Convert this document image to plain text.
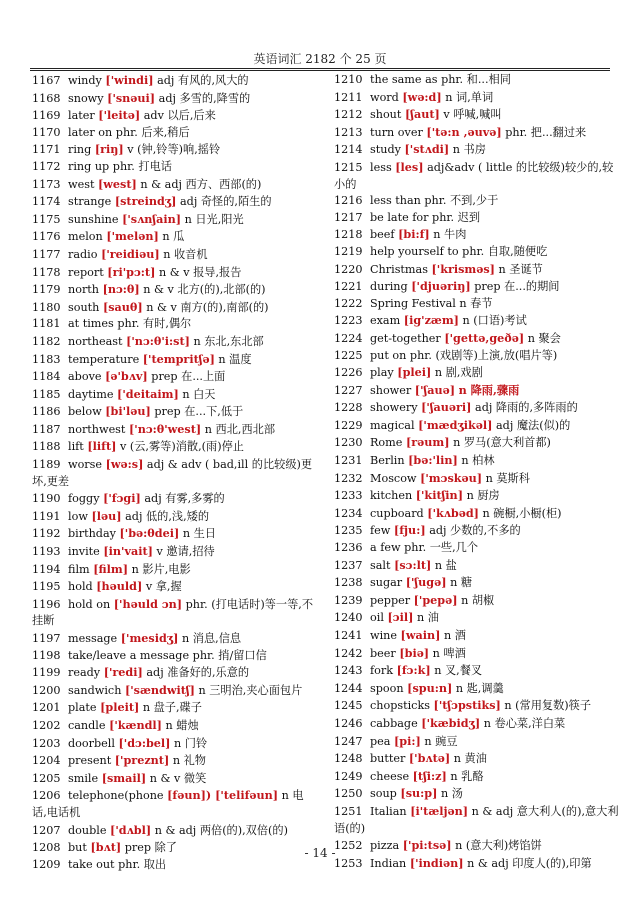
英语词汇 2182 个 25 页
1167 windy ['windi] adj 有风的,风大的
1168 snowy ['snəui] adj 多雪的,降雪的
1169 later ['leitə] adv 以后,后来
1170 later on phr. 后来,稍后
1171 ring [riŋ] v (钟,铃等)响,摇铃
1172 ring up phr. 打电话
1173 west [west] n & adj 西方、西部(的)
1174 strange [streindʒ] adj 奇怪的,陌生的
1175 sunshine ['sʌnʃain] n 日光,阳光
1176 melon ['melən] n 瓜
1177 radio ['reidiəu] n 收音机
1178 report [ri'pɔ:t] n & v 报导,报告
1179 north [nɔ:θ] n & v 北方(的),北部(的)
1180 south [sauθ] n & v 南方(的),南部(的)
1181 at times phr. 有时,偶尔
1182 northeast ['nɔ:θ'i:st] n 东北,东北部
1183 temperature ['tempritʃə] n 温度
1184 above [ə'bʌv] prep 在...上面
1185 daytime ['deitaim] n 白天
1186 below [bi'ləu] prep 在...下,低于
1187 northwest ['nɔ:θ'west] n 西北,西北部
1188 lift [lift] v (云,雾等)消散,(雨)停止
1189 worse [wə:s] adj & adv ( bad,ill 的比较级)更坏,更差
1190 foggy ['fɔgi] adj 有雾,多雾的
1191 low [ləu] adj 低的,浅,矮的
1192 birthday ['bə:θdei] n 生日
1193 invite [in'vait] v 邀请,招待
1194 film [film] n 影片,电影
1195 hold [həuld] v 拿,握
1196 hold on ['həuld ɔn] phr. (打电话时)等一等,不挂断
1197 message ['mesidʒ] n 消息,信息
1198 take/leave a message phr. 捎/留口信
1199 ready ['redi] adj 准备好的,乐意的
1200 sandwich ['sændwitʃ] n 三明治,夹心面包片
1201 plate [pleit] n 盘子,碟子
1202 candle ['kændl] n 蜡烛
1203 doorbell ['dɔ:bel] n 门铃
1204 present ['preznt] n 礼物
1205 smile [smail] n & v 微笑
1206 telephone(phone [fəun]) ['telifəun] n 电话,电话机
1207 double ['dʌbl] n & adj 两倍(的),双倍(的)
1208 but [bʌt] prep 除了
1209 take out phr. 取出
1210 the same as phr. 和...相同
1211 word [wə:d] n 词,单词
1212 shout [ʃaut] v 呼喊,喊叫
1213 turn over ['tə:n ,əuvə] phr. 把...翻过来
1214 study ['stʌdi] n 书房
1215 less [les] adj&adv ( little 的比较级)较少的,较小的
1216 less than phr. 不到,少于
1217 be late for phr. 迟到
1218 beef [bi:f] n 牛肉
1219 help yourself to phr. 自取,随便吃
1220 Christmas ['krisməs] n 圣诞节
1221 during ['djuəriŋ] prep 在...的期间
1222 Spring Festival n 春节
1223 exam [ig'zæm] n (口语)考试
1224 get-together ['gettə,geðə] n 聚会
1225 put on phr. (戏剧等)上演,放(唱片等)
1226 play [plei] n 剧,戏剧
1227 shower ['ʃauə] n 降雨,骤雨
1228 showery ['ʃauəri] adj 降雨的,多阵雨的
1229 magical ['mædʒikəl] adj 魔法(似)的
1230 Rome [rəum] n 罗马(意大利首都)
1231 Berlin [bə:'lin] n 柏林
1232 Moscow ['mɔskəu] n 莫斯科
1233 kitchen ['kitʃin] n 厨房
1234 cupboard ['kʌbəd] n 碗橱,小橱(柜)
1235 few [fju:] adj 少数的,不多的
1236 a few phr. 一些,几个
1237 salt [sɔ:lt] n 盐
1238 sugar ['ʃugə] n 糖
1239 pepper ['pepə] n 胡椒
1240 oil [ɔil] n 油
1241 wine [wain] n 酒
1242 beer [biə] n 啤酒
1243 fork [fɔ:k] n 叉,餐叉
1244 spoon [spu:n] n 匙,调羹
1245 chopsticks ['tʃɔpstiks] n (常用复数)筷子
1246 cabbage ['kæbidʒ] n 卷心菜,洋白菜
1247 pea [pi:] n 豌豆
1248 butter ['bʌtə] n 黄油
1249 cheese [tʃi:z] n 乳酪
1250 soup [su:p] n 汤
1251 Italian [i'tæljən] n & adj 意大利人(的),意大利语(的)
1252 pizza ['pi:tsə] n (意大利)烤馅饼
1253 Indian ['indiən] n & adj 印度人(的),印第
- 14 -
